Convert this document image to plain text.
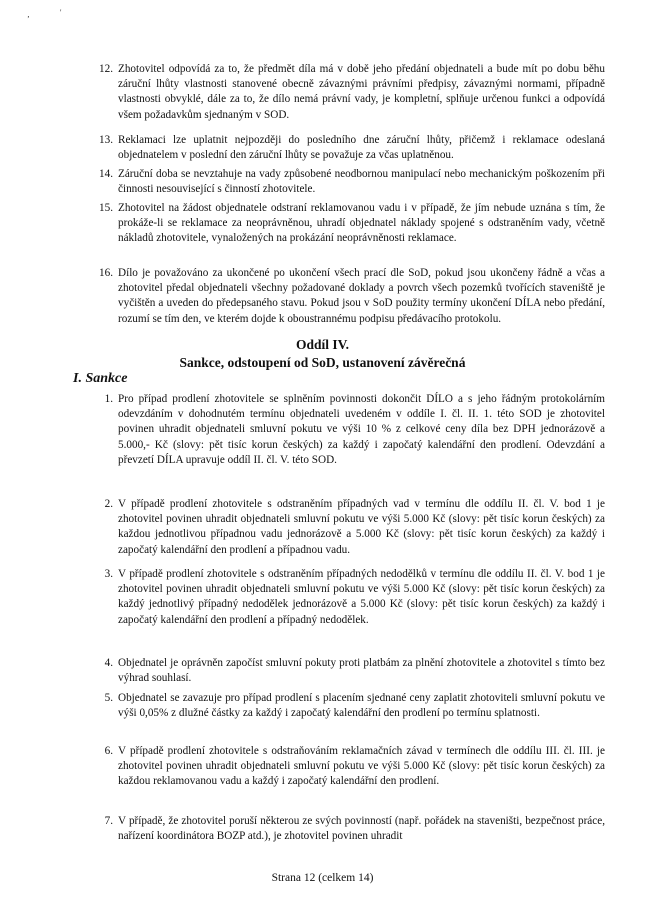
‚	'
12. Zhotovitel odpovídá za to, že předmět díla má v době jeho předání objednateli a bude mít po dobu běhu záruční lhůty vlastnosti stanovené obecně závaznými právními předpisy, závaznými normami, případně vlastnosti obvyklé, dále za to, že dílo nemá právní vady, je kompletní, splňuje určenou funkci a odpovídá všem požadavkům sjednaným v SOD.
13. Reklamaci lze uplatnit nejpozději do posledního dne záruční lhůty, přičemž i reklamace odeslaná objednatelem v poslední den záruční lhůty se považuje za včas uplatněnou.
14. Záruční doba se nevztahuje na vady způsobené neodbornou manipulací nebo mechanickým poškozením při činnosti nesouvisející s činností zhotovitele.
15. Zhotovitel na žádost objednatele odstraní reklamovanou vadu i v případě, že jím nebude uznána s tím, že prokáže-li se reklamace za neoprávněnou, uhradí objednatel náklady spojené s odstraněním vady, včetně nákladů zhotovitele, vynaložených na prokázání neoprávněnosti reklamace.
16. Dílo je považováno za ukončené po ukončení všech prací dle SoD, pokud jsou ukončeny řádně a včas a zhotovitel předal objednateli všechny požadované doklady a povrch všech pozemků tvořících staveniště je vyčištěn a uveden do předepsaného stavu. Pokud jsou v SoD použity termíny ukončení DÍLA nebo předání, rozumí se tím den, ve kterém dojde k oboustrannému podpisu předávacího protokolu.
Oddíl IV.
Sankce, odstoupení od SoD, ustanovení závěrečná
I. Sankce
1. Pro případ prodlení zhotovitele se splněním povinnosti dokončit DÍLO a s jeho řádným protokolárním odevzdáním v dohodnutém termínu objednateli uvedeném v oddíle I. čl. II. 1. této SOD je zhotovitel povinen uhradit objednateli smluvní pokutu ve výši 10 % z celkové ceny díla bez DPH jednorázově a 5.000,- Kč (slovy: pět tisíc korun českých) za každý i započatý kalendářní den prodlení. Odevzdání a převzetí DÍLA upravuje oddíl II. čl. V. této SOD.
2. V případě prodlení zhotovitele s odstraněním případných vad v termínu dle oddílu II. čl. V. bod 1 je zhotovitel povinen uhradit objednateli smluvní pokutu ve výši 5.000 Kč (slovy: pět tisíc korun českých) za každou jednotlivou případnou vadu jednorázově a 5.000 Kč (slovy: pět tisíc korun českých) za každý i započatý kalendářní den prodlení a případnou vadu.
3. V případě prodlení zhotovitele s odstraněním případných nedodělků v termínu dle oddílu II. čl. V. bod 1 je zhotovitel povinen uhradit objednateli smluvní pokutu ve výši 5.000 Kč (slovy: pět tisíc korun českých) za každý jednotlivý případný nedodělek jednorázově a 5.000 Kč (slovy: pět tisíc korun českých) za každý i započatý kalendářní den prodlení a případný nedodělek.
4. Objednatel je oprávněn započíst smluvní pokuty proti platbám za plnění zhotovitele a zhotovitel s tímto bez výhrad souhlasí.
5. Objednatel se zavazuje pro případ prodlení s placením sjednané ceny zaplatit zhotoviteli smluvní pokutu ve výši 0,05% z dlužné částky za každý i započatý kalendářní den prodlení po termínu splatnosti.
6. V případě prodlení zhotovitele s odstraňováním reklamačních závad v termínech dle oddílu III. čl. III. je zhotovitel povinen uhradit objednateli smluvní pokutu ve výši 5.000 Kč (slovy: pět tisíc korun českých) za každou reklamovanou vadu a každý i započatý kalendářní den prodlení.
7. V případě, že zhotovitel poruší některou ze svých povinností (např. pořádek na staveništi, bezpečnost práce, nařízení koordinátora BOZP atd.), je zhotovitel povinen uhradit
Strana 12 (celkem 14)
